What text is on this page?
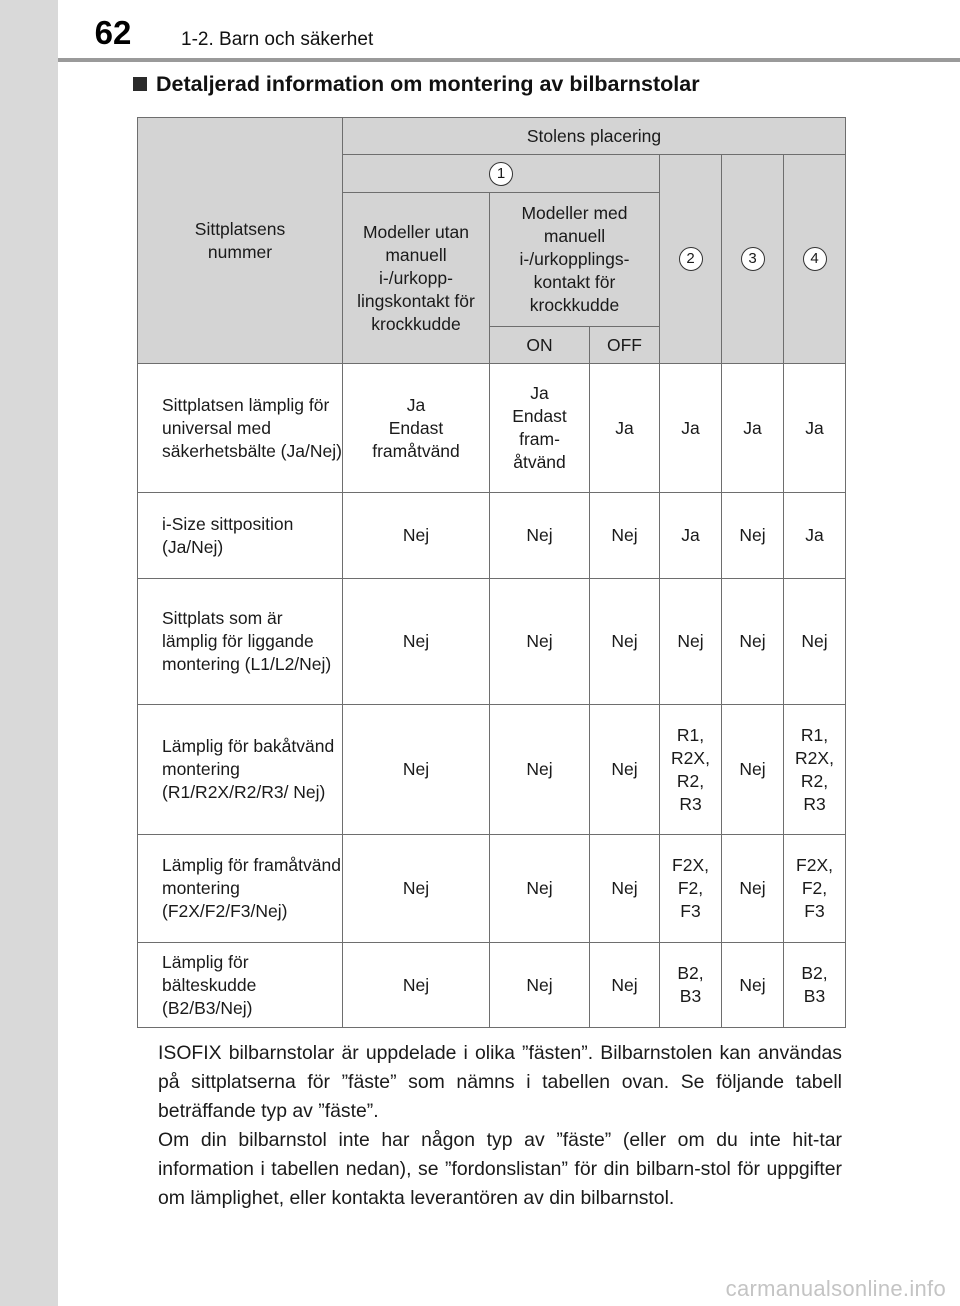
62	1-2. Barn och säkerhet
Detaljerad information om montering av bilbarnstolar
Sittplatsens nummer	Stolens placering					
	1			2	3	4
	Modeller utan manuell i-/urkopp-lingskontakt för krockkudde	Modeller med manuell i-/urkopplings-kontakt för krockkudde				
		ON	OFF			
Sittplatsen lämplig för universal med säkerhetsbälte (Ja/Nej)	Ja
Endast
framåtvänd	Ja
Endast
fram-
åtvänd	Ja	Ja	Ja	Ja
i-Size sittposition (Ja/Nej)	Nej	Nej	Nej	Ja	Nej	Ja
Sittplats som är lämplig för liggande montering (L1/L2/Nej)	Nej	Nej	Nej	Nej	Nej	Nej
Lämplig för bakåtvänd montering (R1/R2X/R2/R3/ Nej)	Nej	Nej	Nej	R1,
R2X,
R2,
R3	Nej	R1,
R2X,
R2,
R3
Lämplig för framåtvänd montering (F2X/F2/F3/Nej)	Nej	Nej	Nej	F2X,
F2,
F3	Nej	F2X,
F2,
F3
Lämplig för bälteskudde (B2/B3/Nej)	Nej	Nej	Nej	B2,
B3	Nej	B2,
B3

ISOFIX bilbarnstolar är uppdelade i olika ”fästen”. Bilbarnstolen kan användas på sittplatserna för ”fäste” som nämns i tabellen ovan. Se följande tabell beträffande typ av ”fäste”.

Om din bilbarnstol inte har någon typ av ”fäste” (eller om du inte hit-tar information i tabellen nedan), se ”fordonslistan” för din bilbarn-stol för uppgifter om lämplighet, eller kontakta leverantören av din bilbarnstol.

carmanualsonline.info
